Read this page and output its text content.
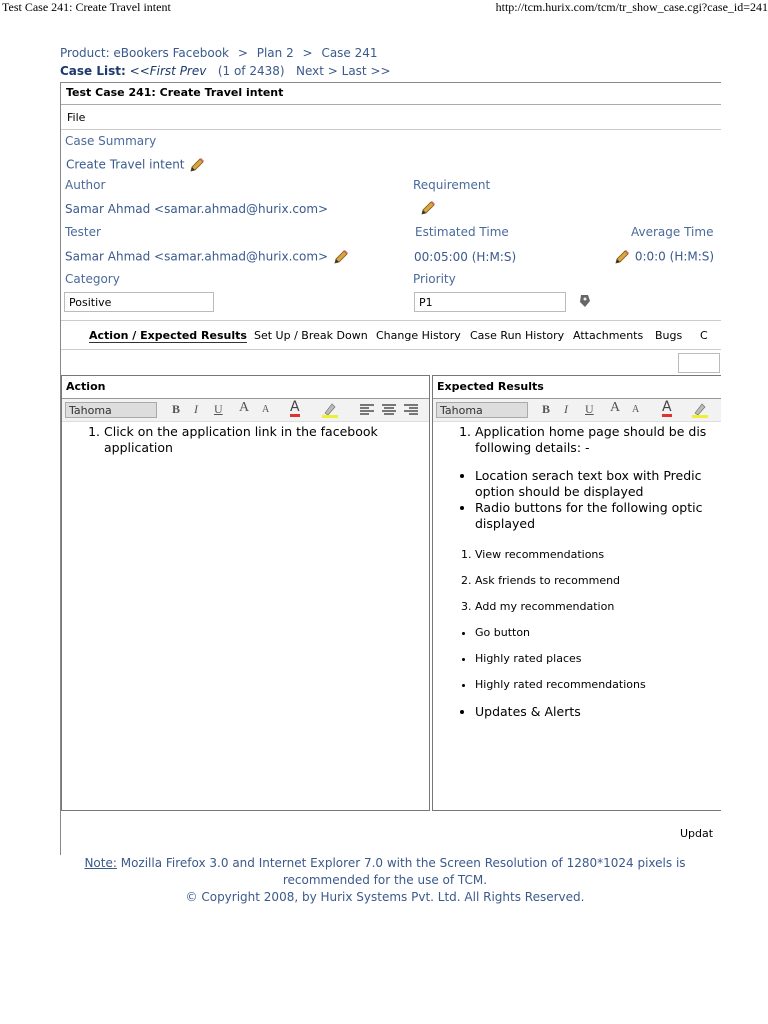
Test Case 241: Create Travel intent	http://tcm.hurix.com/tcm/tr_show_case.cgi?case_id=241
Product: eBookers Facebook > Plan 2 > Case 241
Case List: <<First Prev (1 of 2438) Next > Last >>
Test Case 241: Create Travel intent
File
Case Summary
Create Travel intent
Author	Requirement
Samar Ahmad <samar.ahmad@hurix.com>
Tester	Estimated Time	Average Time
Samar Ahmad <samar.ahmad@hurix.com>	00:05:00 (H:M:S)	0:0:0 (H:M:S)
Category	Priority
Positive	P1
Action / Expected Results Set Up / Break Down Change History Case Run History Attachments Bugs C
Action
Tahoma	B I U A A A
1. Click on the application link in the facebook application
Expected Results
Tahoma	B I U A A A
1. Application home page should be dis following details: -
• Location serach text box with Predic option should be displayed
• Radio buttons for the following optic displayed
1. View recommendations
2. Ask friends to recommend
3. Add my recommendation
• Go button
• Highly rated places
• Highly rated recommendations
• Updates & Alerts
Updat
Note: Mozilla Firefox 3.0 and Internet Explorer 7.0 with the Screen Resolution of 1280*1024 pixels is recommended for the use of TCM.
© Copyright 2008, by Hurix Systems Pvt. Ltd. All Rights Reserved.
